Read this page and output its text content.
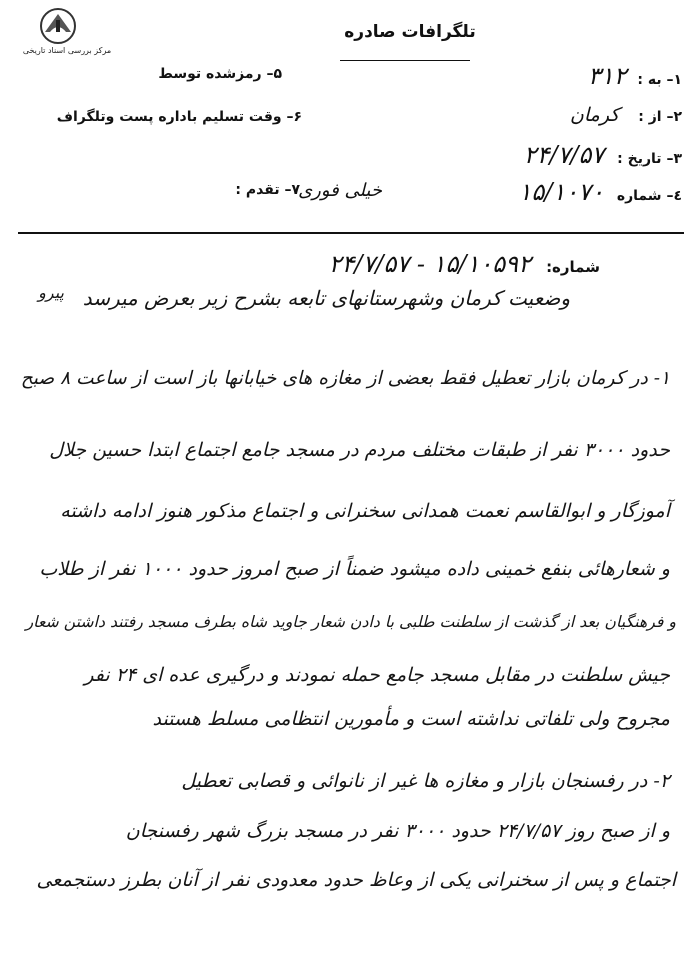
مرکز بررسی اسناد تاریخی
تلگرافات صادره
۱– به : ۳۱۲
۲– از : کرمان
۳– تاریخ : ۲۴/۷/۵۷
٤– شماره ۱۵/۱۰۷۰
۵– رمزشده توسط
۶– وقت تسلیم باداره پست وتلگراف
۷– تقدم :
خیلی فوری
شماره: ۱۵/۱۰۵۹۲ - ۲۴/۷/۵۷
پیرو وضعیت کرمان وشهرستانهای تابعه بشرح زیر بعرض میرسد
۱- در کرمان بازار تعطیل فقط بعضی از مغازه های خیابانها باز است از ساعت ۸ صبح
حدود ۳۰۰۰ نفر از طبقات مختلف مردم در مسجد جامع اجتماع ابتدا حسین جلال
آموزگار و ابوالقاسم نعمت همدانی سخنرانی و اجتماع مذکور هنوز ادامه داشته
و شعارهائی بنفع خمینی داده میشود ضمناً از صبح امروز حدود ۱۰۰۰ نفر از طلاب
و فرهنگیان بعد از گذشت از سلطنت طلبی با دادن شعار جاوید شاه بطرف مسجد رفتند داشتن شعار
جیش سلطنت در مقابل مسجد جامع حمله نمودند و درگیری عده ای ۲۴ نفر
مجروح ولی تلفاتی نداشته است و مأمورین انتظامی مسلط هستند
۲- در رفسنجان بازار و مغازه ها غیر از نانوائی و قصابی تعطیل
و از صبح روز ۲۴/۷/۵۷ حدود ۳۰۰۰ نفر در مسجد بزرگ شهر رفسنجان
اجتماع و پس از سخنرانی یکی از وعاظ حدود معدودی نفر از آنان بطرز دستجمعی
